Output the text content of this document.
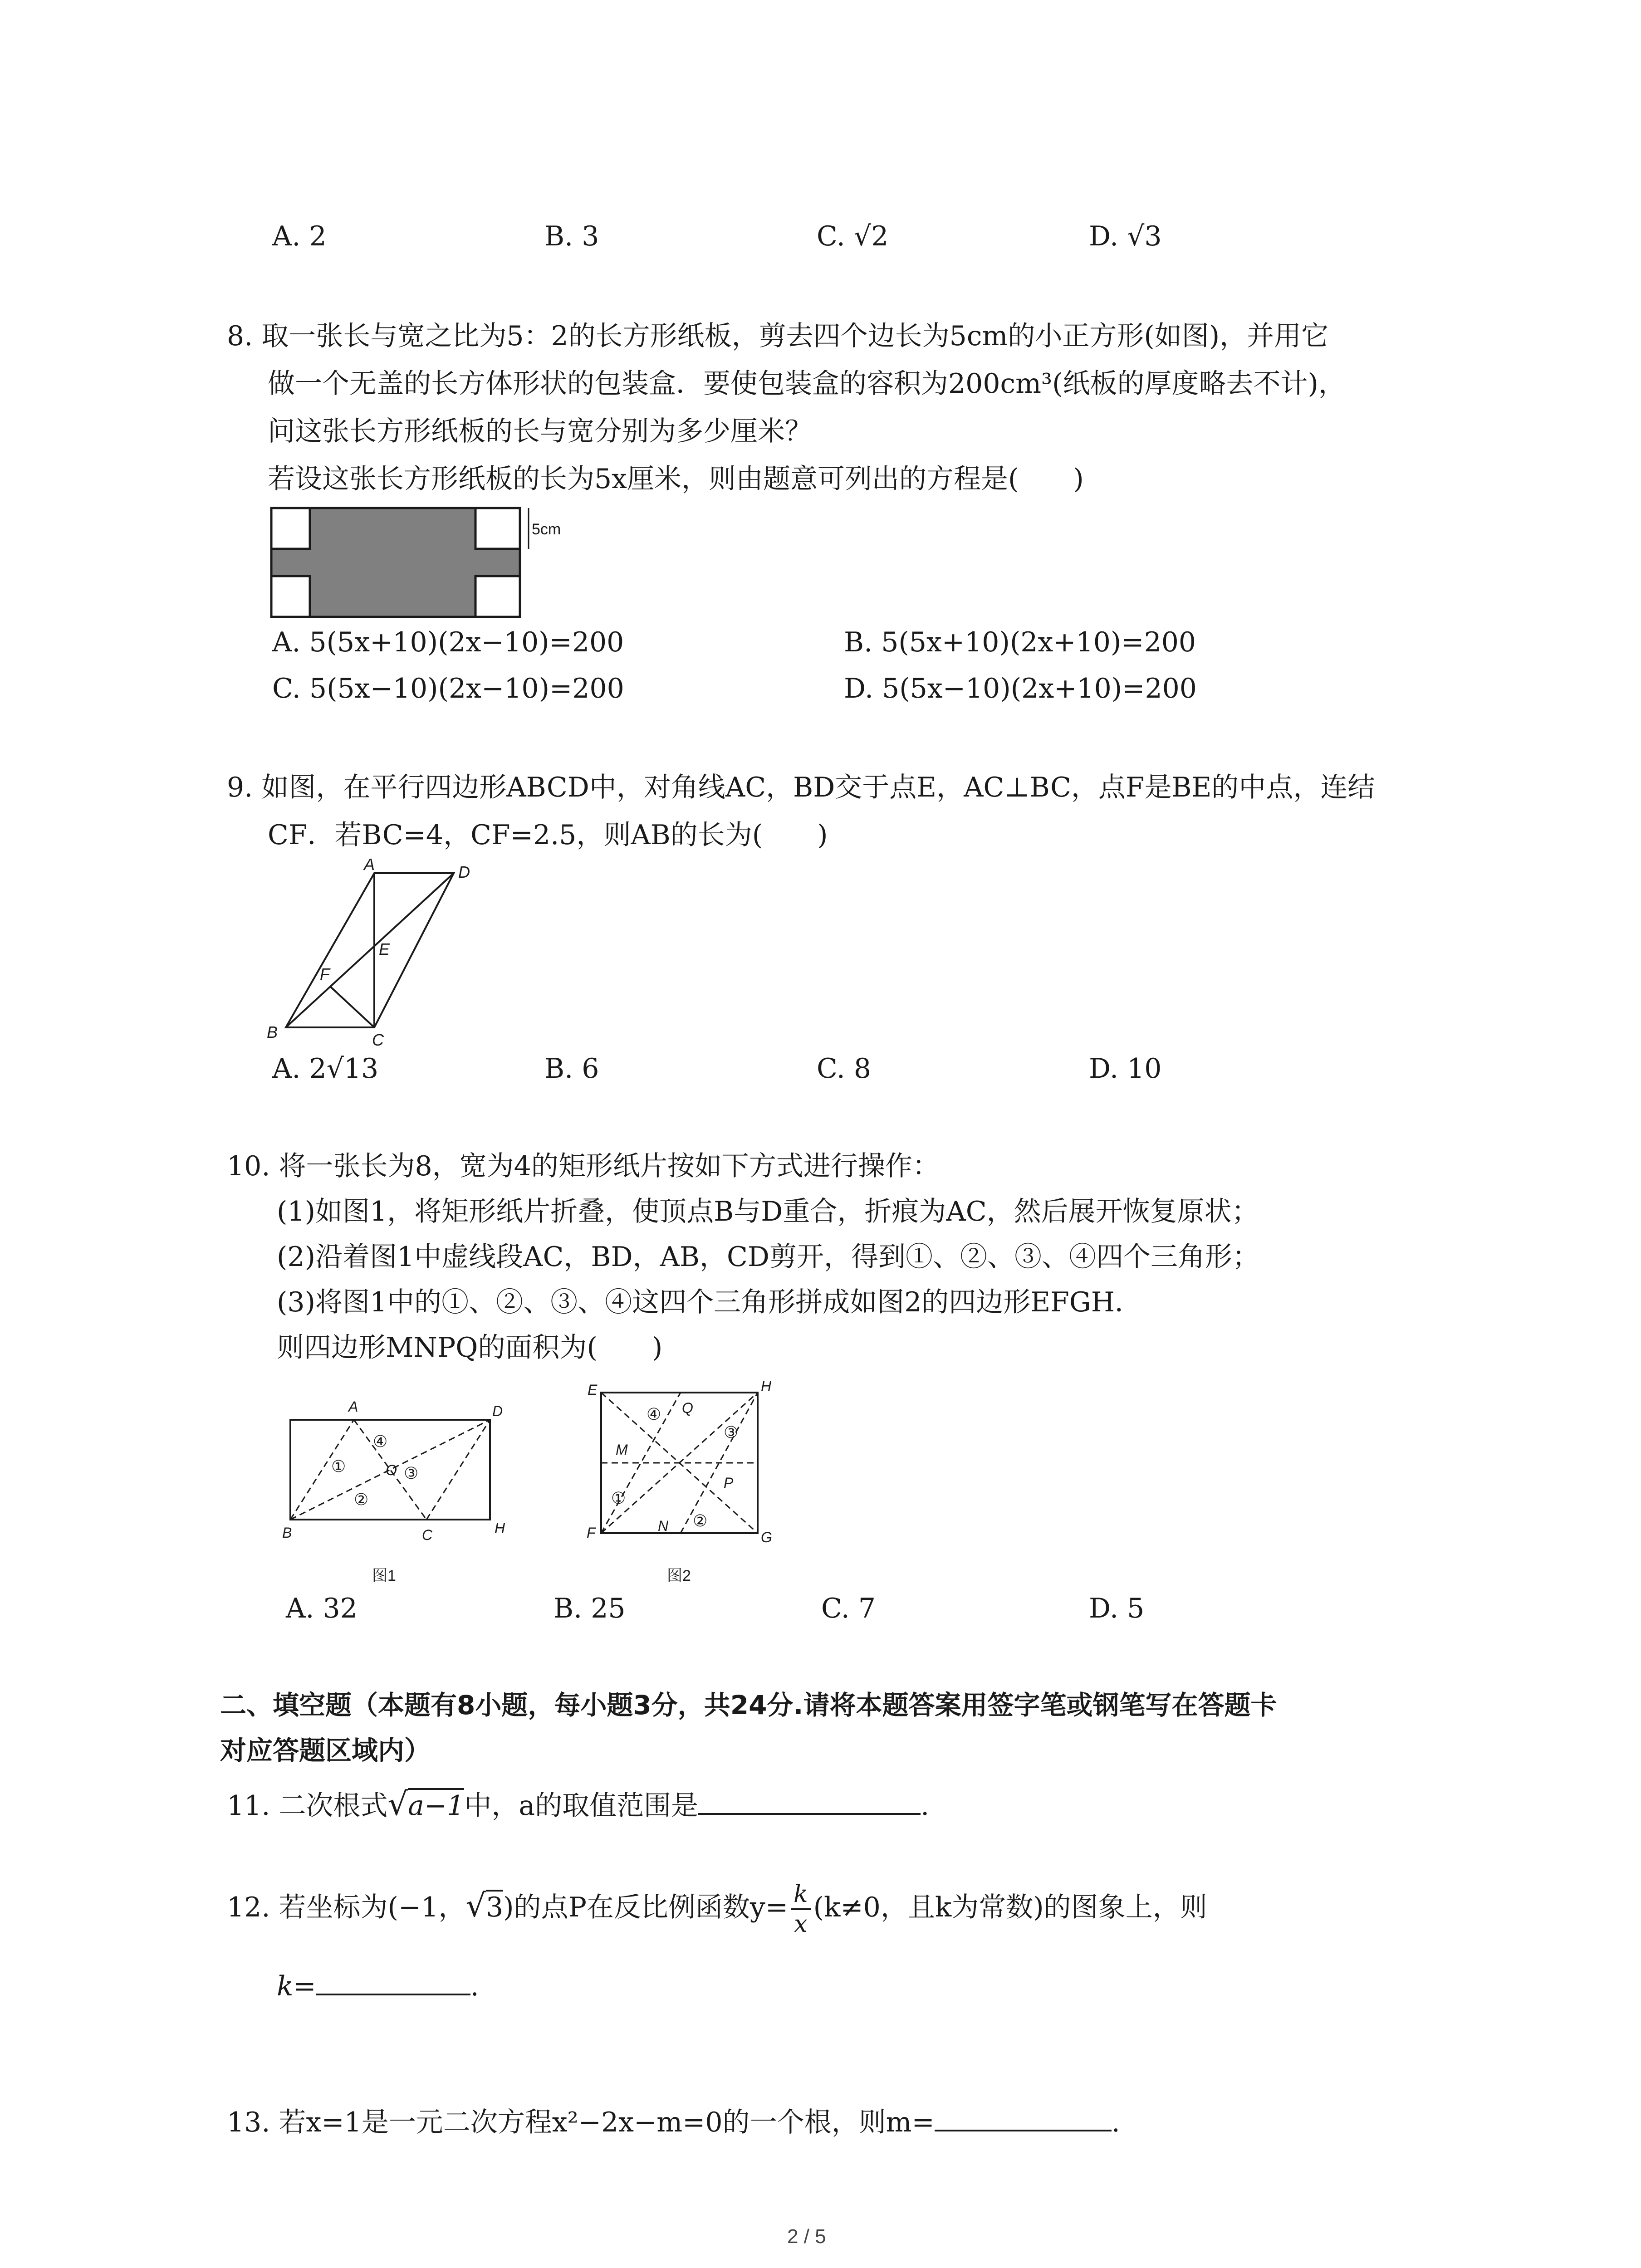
A. 2	B. 3	C. √2	D. √3
8. 取一张长与宽之比为5：2的长方形纸板，剪去四个边长为5cm的小正方形(如图)，并用它
做一个无盖的长方体形状的包装盒．要使包装盒的容积为200cm³(纸板的厚度略去不计)，
问这张长方形纸板的长与宽分别为多少厘米？
若设这张长方形纸板的长为5x厘米，则由题意可列出的方程是(　　)
5cm
A. 5(5x+10)(2x−10)=200	B. 5(5x+10)(2x+10)=200
C. 5(5x−10)(2x−10)=200	D. 5(5x−10)(2x+10)=200
9. 如图，在平行四边形ABCD中，对角线AC，BD交于点E，AC⊥BC，点F是BE的中点，连结
CF．若BC=4，CF=2.5，则AB的长为(　　)
A	D
B	C
E
F
A. 2√13	B. 6	C. 8	D. 10
10. 将一张长为8，宽为4的矩形纸片按如下方式进行操作：
(1)如图1，将矩形纸片折叠，使顶点B与D重合，折痕为AC，然后展开恢复原状；
(2)沿着图1中虚线段AC，BD，AB，CD剪开，得到①、②、③、④四个三角形；
(3)将图1中的①、②、③、④这四个三角形拼成如图2的四边形EFGH．
则四边形MNPQ的面积为(　　)
A	D
B	C	H
O
①
②
③
④
图1
E	H
F	G
M
N
P
Q
①
②
③
④
图2
A. 32	B. 25	C. 7	D. 5
二、填空题（本题有8小题，每小题3分，共24分.请将本题答案用签字笔或钢笔写在答题卡
对应答题区域内）
11. 二次根式√a−1中，a的取值范围是	.
12. 若坐标为(−1，√3)的点P在反比例函数$y= \frac{k}{x} (k\ne 0$，且k为常数)的图象上，则
k=	.
13. 若x=1是一元二次方程x²−2x−m=0的一个根，则m=	.
2 / 5
